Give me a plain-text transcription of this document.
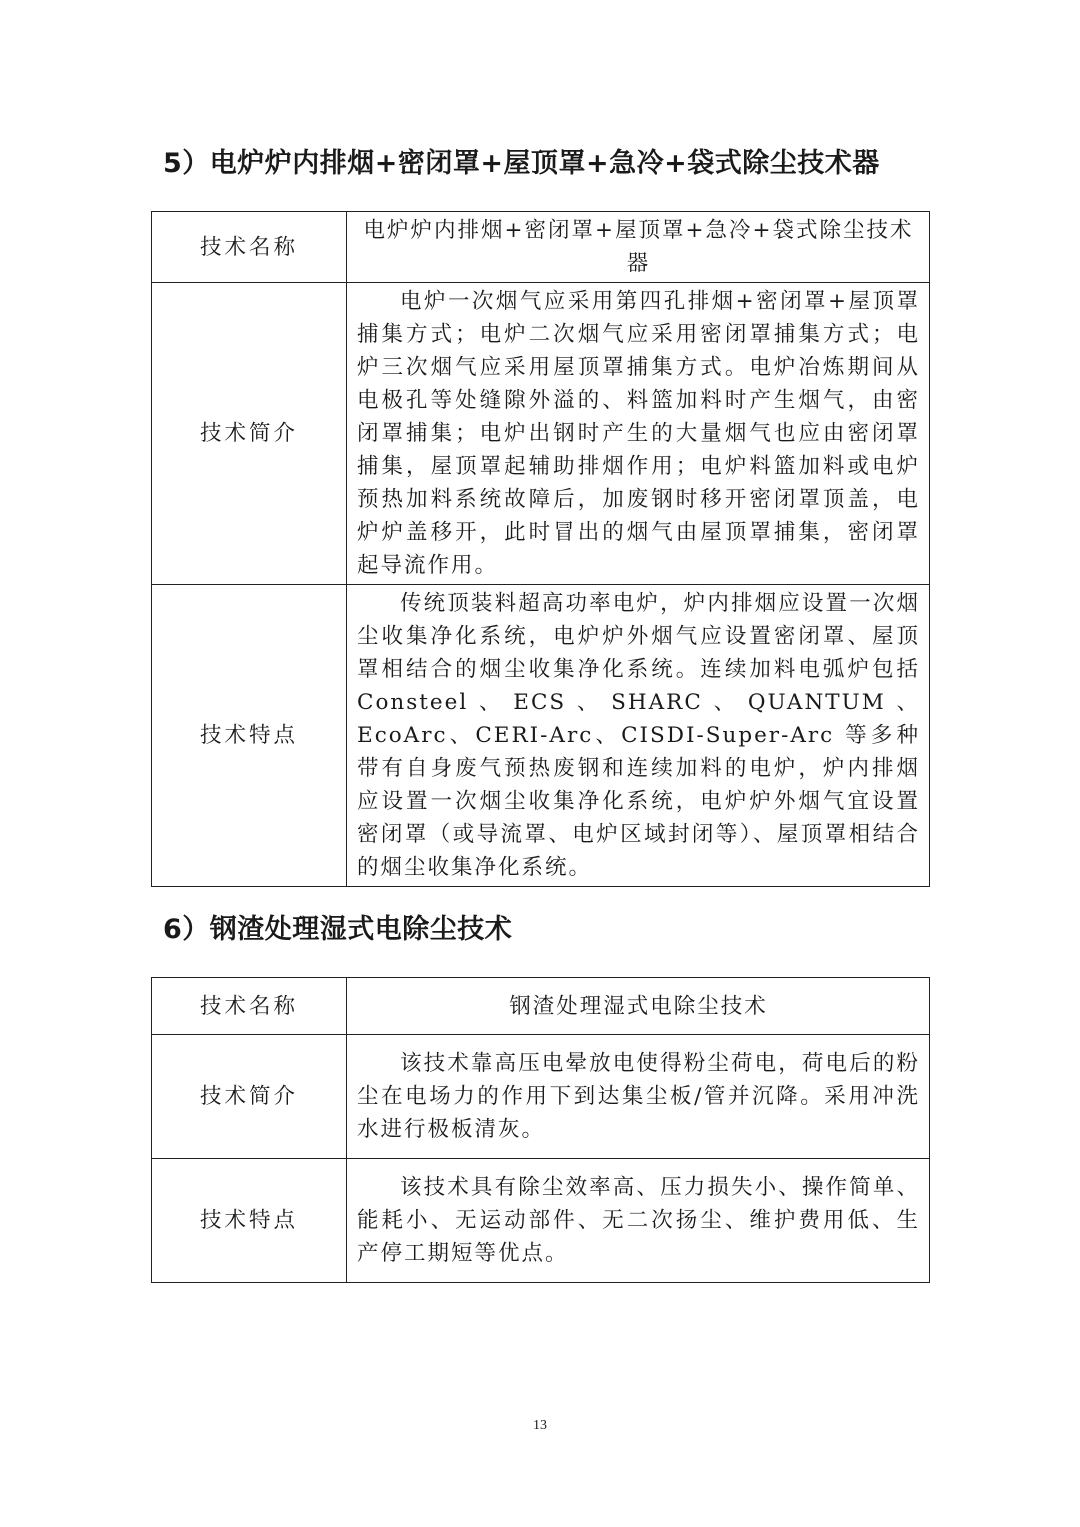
5）电炉炉内排烟+密闭罩+屋顶罩+急冷+袋式除尘技术器
技术名称	电炉炉内排烟+密闭罩+屋顶罩+急冷+袋式除尘技术器
技术简介	电炉一次烟气应采用第四孔排烟+密闭罩+屋顶罩捕集方式；电炉二次烟气应采用密闭罩捕集方式；电炉三次烟气应采用屋顶罩捕集方式。电炉冶炼期间从电极孔等处缝隙外溢的、料篮加料时产生烟气，由密闭罩捕集；电炉出钢时产生的大量烟气也应由密闭罩捕集，屋顶罩起辅助排烟作用；电炉料篮加料或电炉预热加料系统故障后，加废钢时移开密闭罩顶盖，电炉炉盖移开，此时冒出的烟气由屋顶罩捕集，密闭罩起导流作用。

技术特点	传统顶装料超高功率电炉，炉内排烟应设置一次烟尘收集净化系统，电炉炉外烟气应设置密闭罩、屋顶罩相结合的烟尘收集净化系统。连续加料电弧炉包括 Consteel、ECS、SHARC、QUANTUM、EcoArc、CERI-Arc、CISDI-Super-Arc 等多种带有自身废气预热废钢和连续加料的电炉，炉内排烟应设置一次烟尘收集净化系统，电炉炉外烟气宜设置密闭罩（或导流罩、电炉区域封闭等）、屋顶罩相结合的烟尘收集净化系统。
6）钢渣处理湿式电除尘技术
技术名称	钢渣处理湿式电除尘技术
技术简介	该技术靠高压电晕放电使得粉尘荷电，荷电后的粉尘在电场力的作用下到达集尘板/管并沉降。采用冲洗水进行极板清灰。

技术特点	该技术具有除尘效率高、压力损失小、操作简单、能耗小、无运动部件、无二次扬尘、维护费用低、生产停工期短等优点。
13
